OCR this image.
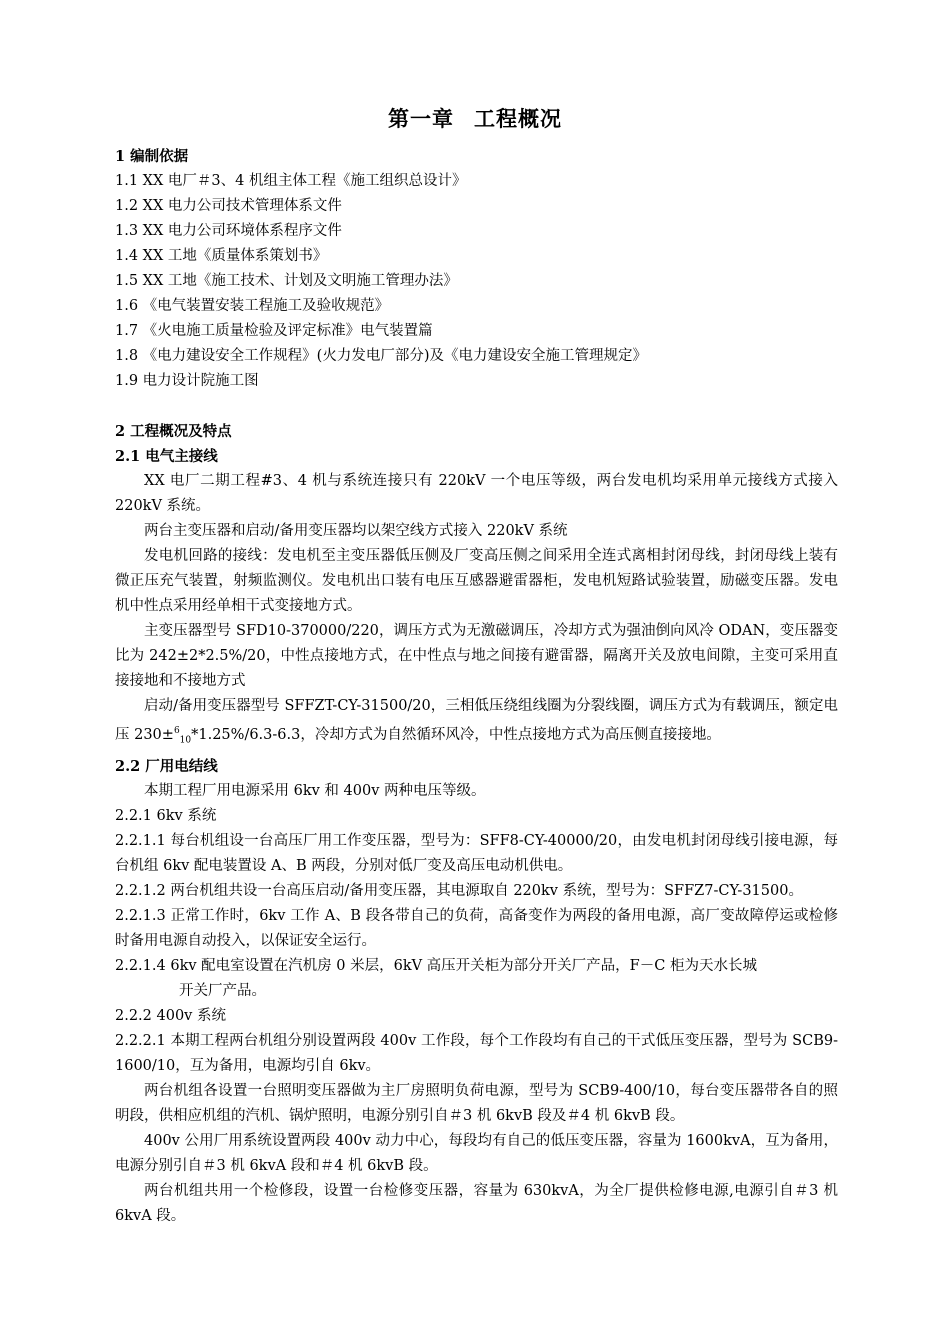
第一章 工程概况
1 编制依据
1.1 XX 电厂＃3、4 机组主体工程《施工组织总设计》
1.2 XX 电力公司技术管理体系文件
1.3 XX 电力公司环境体系程序文件
1.4 XX 工地《质量体系策划书》
1.5 XX 工地《施工技术、计划及文明施工管理办法》
1.6 《电气装置安装工程施工及验收规范》
1.7 《火电施工质量检验及评定标准》电气装置篇
1.8 《电力建设安全工作规程》(火力发电厂部分)及《电力建设安全施工管理规定》
1.9 电力设计院施工图
2 工程概况及特点
2.1 电气主接线
XX 电厂二期工程#3、4 机与系统连接只有 220kV 一个电压等级，两台发电机均采用单元接线方式接入 220kV 系统。
两台主变压器和启动/备用变压器均以架空线方式接入 220kV 系统
发电机回路的接线：发电机至主变压器低压侧及厂变高压侧之间采用全连式离相封闭母线，封闭母线上装有微正压充气装置，射频监测仪。发电机出口装有电压互感器避雷器柜，发电机短路试验装置，励磁变压器。发电机中性点采用经单相干式变接地方式。
主变压器型号 SFD10-370000/220，调压方式为无激磁调压，冷却方式为强油倒向风冷 ODAN，变压器变比为 242±2*2.5%/20，中性点接地方式，在中性点与地之间接有避雷器，隔离开关及放电间隙，主变可采用直接接地和不接地方式
启动/备用变压器型号 SFFZT-CY-31500/20，三相低压绕组线圈为分裂线圈，调压方式为有载调压，额定电压 230±$^6_{10}$*1.25%/6.3-6.3，冷却方式为自然循环风冷，中性点接地方式为高压侧直接接地。
2.2 厂用电结线
本期工程厂用电源采用 6kv 和 400v 两种电压等级。
2.2.1 6kv 系统
2.2.1.1 每台机组设一台高压厂用工作变压器，型号为：SFF8-CY-40000/20，由发电机封闭母线引接电源，每台机组 6kv 配电装置设 A、B 两段，分别对低厂变及高压电动机供电。
2.2.1.2 两台机组共设一台高压启动/备用变压器，其电源取自 220kv 系统，型号为：SFFZ7-CY-31500。
2.2.1.3 正常工作时，6kv 工作 A、B 段各带自己的负荷，高备变作为两段的备用电源，高厂变故障停运或检修时备用电源自动投入，以保证安全运行。
2.2.1.4 6kv 配电室设置在汽机房 0 米层，6kV 高压开关柜为部分开关厂产品，F－C 柜为天水长城
开关厂产品。
2.2.2 400v 系统
2.2.2.1 本期工程两台机组分别设置两段 400v 工作段，每个工作段均有自己的干式低压变压器，型号为 SCB9-1600/10，互为备用，电源均引自 6kv。
两台机组各设置一台照明变压器做为主厂房照明负荷电源，型号为 SCB9-400/10，每台变压器带各自的照明段，供相应机组的汽机、锅炉照明，电源分别引自＃3 机 6kvB 段及＃4 机 6kvB 段。
400v 公用厂用系统设置两段 400v 动力中心，每段均有自己的低压变压器，容量为 1600kvA，互为备用，电源分别引自＃3 机 6kvA 段和＃4 机 6kvB 段。
两台机组共用一个检修段，设置一台检修变压器，容量为 630kvA，为全厂提供检修电源,电源引自＃3 机 6kvA 段。
